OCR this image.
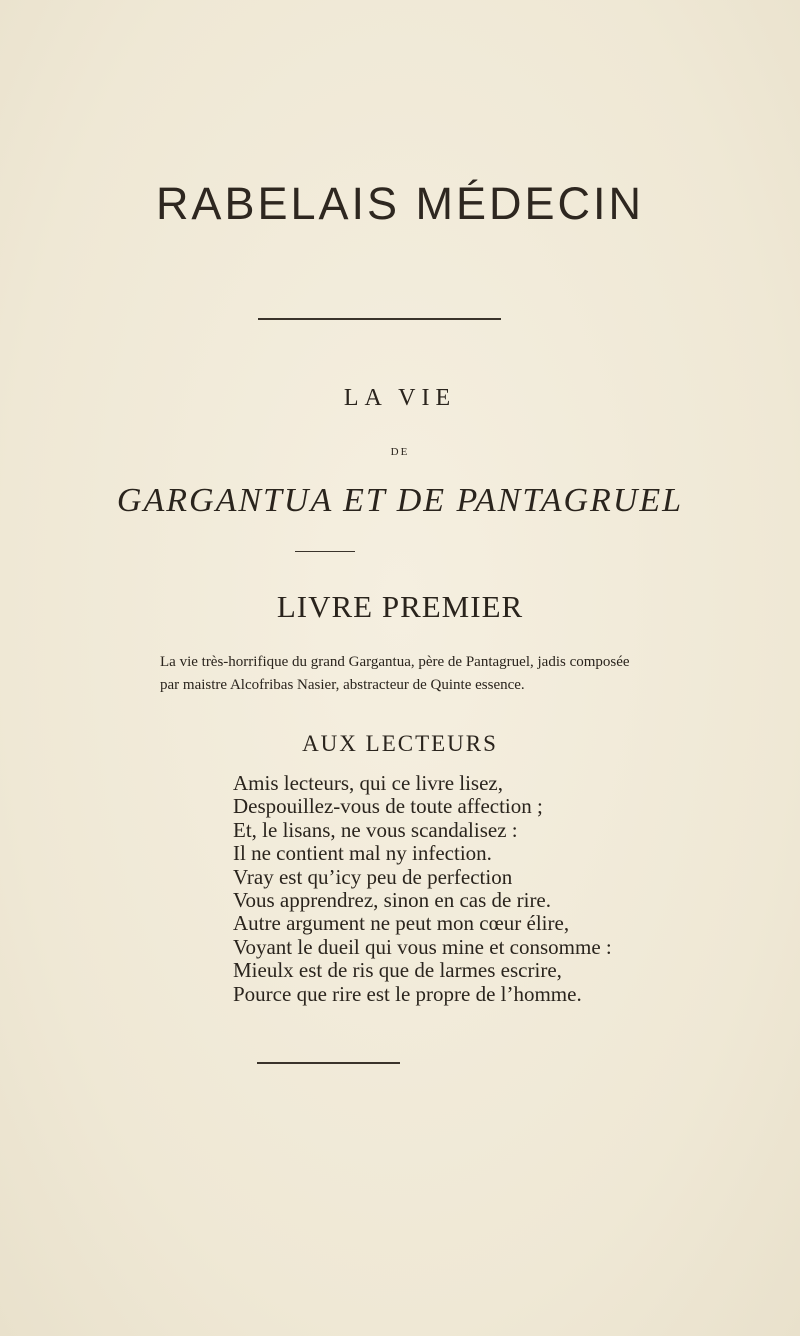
RABELAIS MÉDECIN
LA VIE
DE
GARGANTUA ET DE PANTAGRUEL
LIVRE PREMIER
La vie très-horrifique du grand Gargantua, père de Pantagruel, jadis composée
par maistre Alcofribas Nasier, abstracteur de Quinte essence.
AUX LECTEURS
Amis lecteurs, qui ce livre lisez,
Despouillez-vous de toute affection ;
Et, le lisans, ne vous scandalisez :
Il ne contient mal ny infection.
Vray est qu’icy peu de perfection
Vous apprendrez, sinon en cas de rire.
Autre argument ne peut mon cœur élire,
Voyant le dueil qui vous mine et consomme :
Mieulx est de ris que de larmes escrire,
Pource que rire est le propre de l’homme.
